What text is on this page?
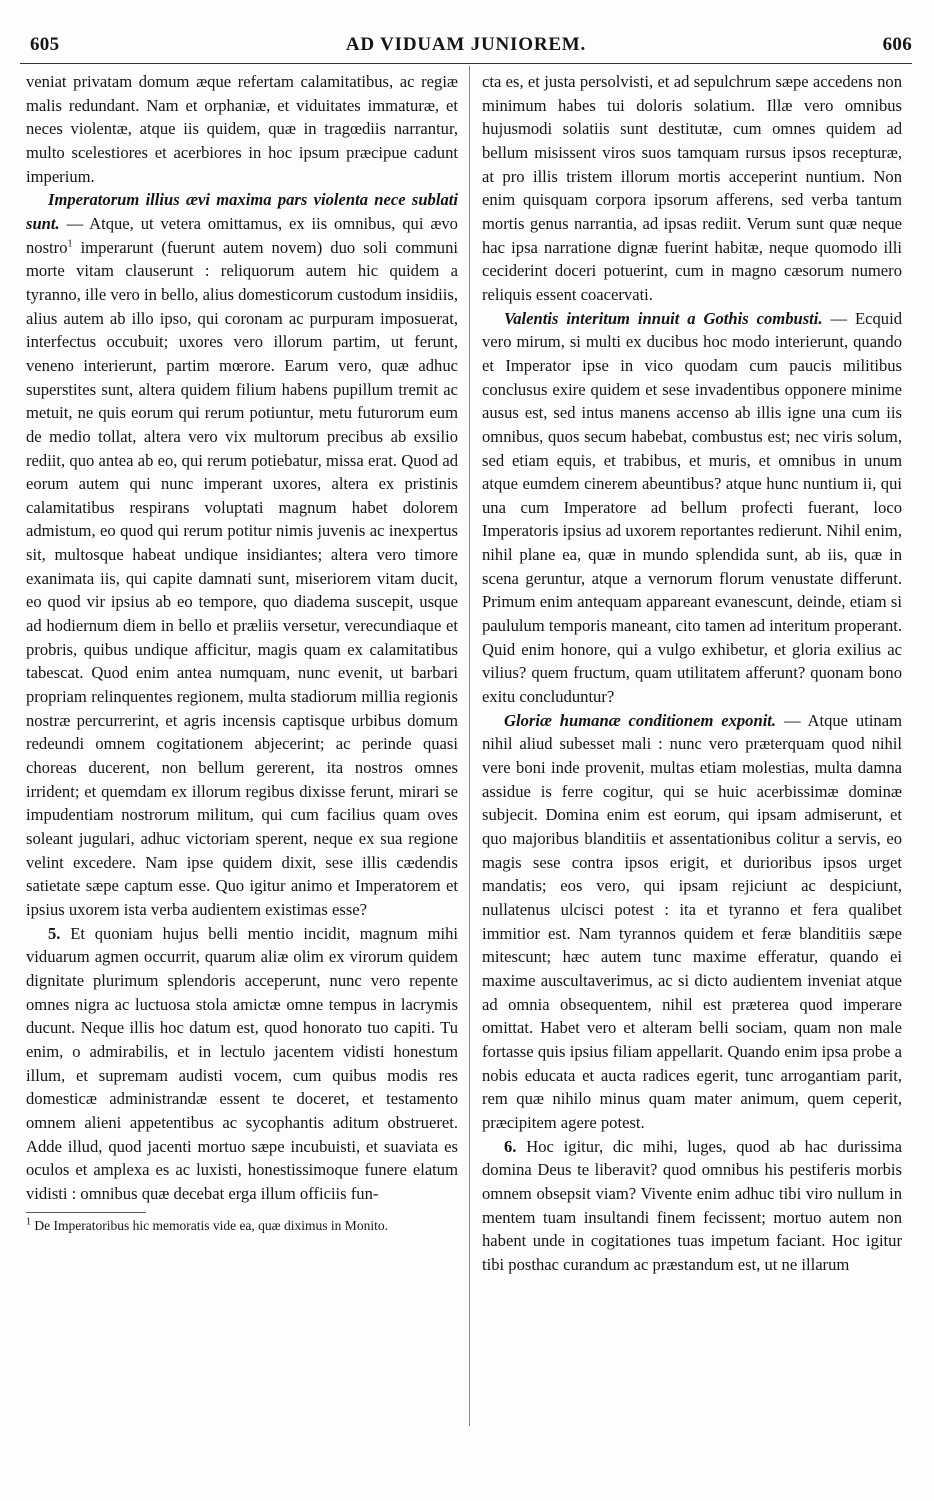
605	AD VIDUAM JUNIOREM.	606

veniat privatam domum æque refertam calamitatibus, ac regiæ malis redundant. Nam et orphaniæ, et viduitates immaturæ, et neces violentæ, atque iis quidem, quæ in tragœdiis narrantur, multo scelestiores et acerbiores in hoc ipsum præcipue cadunt imperium.

Imperatorum illius ævi maxima pars violenta nece sublati sunt. — Atque, ut vetera omittamus, ex iis omnibus, qui ævo nostro$^1$ imperarunt (fuerunt autem novem) duo soli communi morte vitam clauserunt : reliquorum autem hic quidem a tyranno, ille vero in bello, alius domesticorum custodum insidiis, alius autem ab illo ipso, qui coronam ac purpuram imposuerat, interfectus occubuit; uxores vero illorum partim, ut ferunt, veneno interierunt, partim mœrore. Earum vero, quæ adhuc superstites sunt, altera quidem filium habens pupillum tremit ac metuit, ne quis eorum qui rerum potiuntur, metu futurorum eum de medio tollat, altera vero vix multorum precibus ab exsilio rediit, quo antea ab eo, qui rerum potiebatur, missa erat. Quod ad eorum autem qui nunc imperant uxores, altera ex pristinis calamitatibus respirans voluptati magnum habet dolorem admistum, eo quod qui rerum potitur nimis juvenis ac inexpertus sit, multosque habeat undique insidiantes; altera vero timore exanimata iis, qui capite damnati sunt, miseriorem vitam ducit, eo quod vir ipsius ab eo tempore, quo diadema suscepit, usque ad hodiernum diem in bello et præliis versetur, verecundiaque et probris, quibus undique afficitur, magis quam ex calamitatibus tabescat. Quod enim antea numquam, nunc evenit, ut barbari propriam relinquentes regionem, multa stadiorum millia regionis nostræ percurrerint, et agris incensis captisque urbibus domum redeundi omnem cogitationem abjecerint; ac perinde quasi choreas ducerent, non bellum gererent, ita nostros omnes irrident; et quemdam ex illorum regibus dixisse ferunt, mirari se impudentiam nostrorum militum, qui cum facilius quam oves soleant jugulari, adhuc victoriam sperent, neque ex sua regione velint excedere. Nam ipse quidem dixit, sese illis cædendis satietate sæpe captum esse. Quo igitur animo et Imperatorem et ipsius uxorem ista verba audientem existimas esse?

5. Et quoniam hujus belli mentio incidit, magnum mihi viduarum agmen occurrit, quarum aliæ olim ex virorum quidem dignitate plurimum splendoris acceperunt, nunc vero repente omnes nigra ac luctuosa stola amictæ omne tempus in lacrymis ducunt. Neque illis hoc datum est, quod honorato tuo capiti. Tu enim, o admirabilis, et in lectulo jacentem vidisti honestum illum, et supremam audisti vocem, cum quibus modis res domesticæ administrandæ essent te doceret, et testamento omnem alieni appetentibus ac sycophantis aditum obstrueret. Adde illud, quod jacenti mortuo sæpe incubuisti, et suaviata es oculos et amplexa es ac luxisti, honestissimoque funere elatum vidisti : omnibus quæ decebat erga illum officiis fun-

$^1$ De Imperatoribus hic memoratis vide ea, quæ diximus in Monito.

cta es, et justa persolvisti, et ad sepulchrum sæpe accedens non minimum habes tui doloris solatium. Illæ vero omnibus hujusmodi solatiis sunt destitutæ, cum omnes quidem ad bellum misissent viros suos tamquam rursus ipsos recepturæ, at pro illis tristem illorum mortis acceperint nuntium. Non enim quisquam corpora ipsorum afferens, sed verba tantum mortis genus narrantia, ad ipsas rediit. Verum sunt quæ neque hac ipsa narratione dignæ fuerint habitæ, neque quomodo illi ceciderint doceri potuerint, cum in magno cæsorum numero reliquis essent coacervati.

Valentis interitum innuit a Gothis combusti. — Ecquid vero mirum, si multi ex ducibus hoc modo interierunt, quando et Imperator ipse in vico quodam cum paucis militibus conclusus exire quidem et sese invadentibus opponere minime ausus est, sed intus manens accenso ab illis igne una cum iis omnibus, quos secum habebat, combustus est; nec viris solum, sed etiam equis, et trabibus, et muris, et omnibus in unum atque eumdem cinerem abeuntibus? atque hunc nuntium ii, qui una cum Imperatore ad bellum profecti fuerant, loco Imperatoris ipsius ad uxorem reportantes redierunt. Nihil enim, nihil plane ea, quæ in mundo splendida sunt, ab iis, quæ in scena geruntur, atque a vernorum florum venustate differunt. Primum enim antequam appareant evanescunt, deinde, etiam si paululum temporis maneant, cito tamen ad interitum properant. Quid enim honore, qui a vulgo exhibetur, et gloria exilius ac vilius? quem fructum, quam utilitatem afferunt? quonam bono exitu concluduntur?

Gloriæ humanæ conditionem exponit. — Atque utinam nihil aliud subesset mali : nunc vero præterquam quod nihil vere boni inde provenit, multas etiam molestias, multa damna assidue is ferre cogitur, qui se huic acerbissimæ dominæ subjecit. Domina enim est eorum, qui ipsam admiserunt, et quo majoribus blanditiis et assentationibus colitur a servis, eo magis sese contra ipsos erigit, et durioribus ipsos urget mandatis; eos vero, qui ipsam rejiciunt ac despiciunt, nullatenus ulcisci potest : ita et tyranno et fera qualibet immitior est. Nam tyrannos quidem et feræ blanditiis sæpe mitescunt; hæc autem tunc maxime efferatur, quando ei maxime auscultaverimus, ac si dicto audientem inveniat atque ad omnia obsequentem, nihil est præterea quod imperare omittat. Habet vero et alteram belli sociam, quam non male fortasse quis ipsius filiam appellarit. Quando enim ipsa probe a nobis educata et aucta radices egerit, tunc arrogantiam parit, rem quæ nihilo minus quam mater animum, quem ceperit, præcipitem agere potest.

6. Hoc igitur, dic mihi, luges, quod ab hac durissima domina Deus te liberavit? quod omnibus his pestiferis morbis omnem obsepsit viam? Vivente enim adhuc tibi viro nullum in mentem tuam insultandi finem fecissent; mortuo autem non habent unde in cogitationes tuas impetum faciant. Hoc igitur tibi posthac curandum ac præstandum est, ut ne illarum
